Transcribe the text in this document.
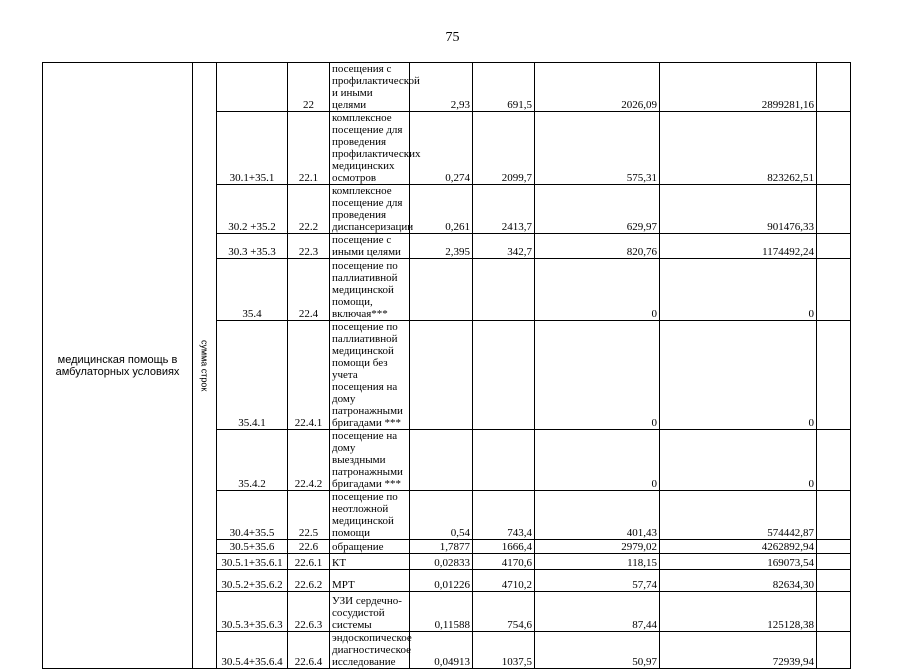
75
медицинская помощь в амбулаторных условиях	сумма строк		22	посещения с профилактической и иными целями	2,93	691,5	2026,09	2899281,16	
		30.1+35.1	22.1	комплексное посещение для проведения профилактических медицинских осмотров	0,274	2099,7	575,31	823262,51	
		30.2 +35.2	22.2	комплексное посещение для проведения диспансеризации	0,261	2413,7	629,97	901476,33	
		30.3 +35.3	22.3	посещение с иными целями	2,395	342,7	820,76	1174492,24	
		35.4	22.4	посещение по паллиативной медицинской помощи, включая***			0	0	
		35.4.1	22.4.1	посещение по паллиативной медицинской помощи без учета посещения на дому патронажными бригадами ***			0	0	
		35.4.2	22.4.2	посещение на дому выездными патронажными бригадами ***			0	0	
		30.4+35.5	22.5	посещение по неотложной медицинской помощи	0,54	743,4	401,43	574442,87	
		30.5+35.6	22.6	обращение	1,7877	1666,4	2979,02	4262892,94	
		30.5.1+35.6.1	22.6.1	КТ	0,02833	4170,6	118,15	169073,54	
		30.5.2+35.6.2	22.6.2	МРТ	0,01226	4710,2	57,74	82634,30	
		30.5.3+35.6.3	22.6.3	УЗИ сердечно-сосудистой системы	0,11588	754,6	87,44	125128,38	
		30.5.4+35.6.4	22.6.4	эндоскопическое диагностическое исследование	0,04913	1037,5	50,97	72939,94	
